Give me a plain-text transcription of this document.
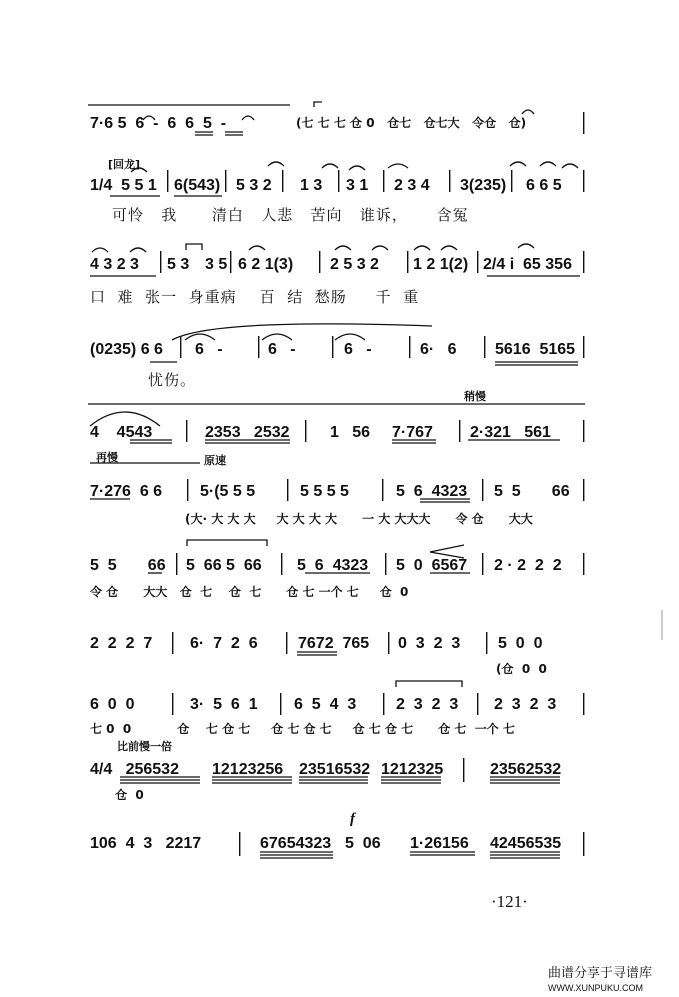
[回龙]
稍慢
再慢	原速
比前慢一倍
f
7·6 5  6  -  6  6  5  -	(七 七 七 仓 0   仓七   仓七大   令仓   仓)
1/4  5 5 1 6(543) 5 3 2 1 3 3 1 2 3 4 3(235) 6 6 5
可怜   我      清白   人悲   苦向   谁诉，     含冤
4 3 2 3 5 3 3 5 6 2 1(3) 2 5 3 2 1 2 1(2) 2/4 i  65 356
口  难  张一  身重病    百  结  愁肠     千  重
(0235) 6 6 6   -	6   -	6   -	6·   6 5616  5165
忧伤。
4    4543	2353   2532	1   56 7·767 2·321   561
7·276  6 6 5·(5 5 5	5 5 5 5	5  6  4323 5  5       66
(大· 大 大 大     大 大 大 大      一 大 大大大      令 仓      大大
5  5       66 5  66 5  66 5  6  4323 5  0  6567 2 · 2  2  2
令 仓      大大   仓  七    仓  七      仓 七 一个 七     仓  0
2  2  2  7 6·  7  2  6	7672  765 0  3  2  3 5  0  0
(仓  0  0
6  0  0	3·  5  6  1 6  5  4  3 2  3  2  3 2  3  2  3
七 0  0           仓    七 仓 七     仓 七 仓 七     仓 七 仓 七      仓 七  一个 七
4/4   256532 12123256 23516532 1212325	23562532
仓  0
106  4  3   2217	67654323 5  06 1·26156 42456535
·121·
曲谱分享于寻谱库
WWW.XUNPUKU.COM
